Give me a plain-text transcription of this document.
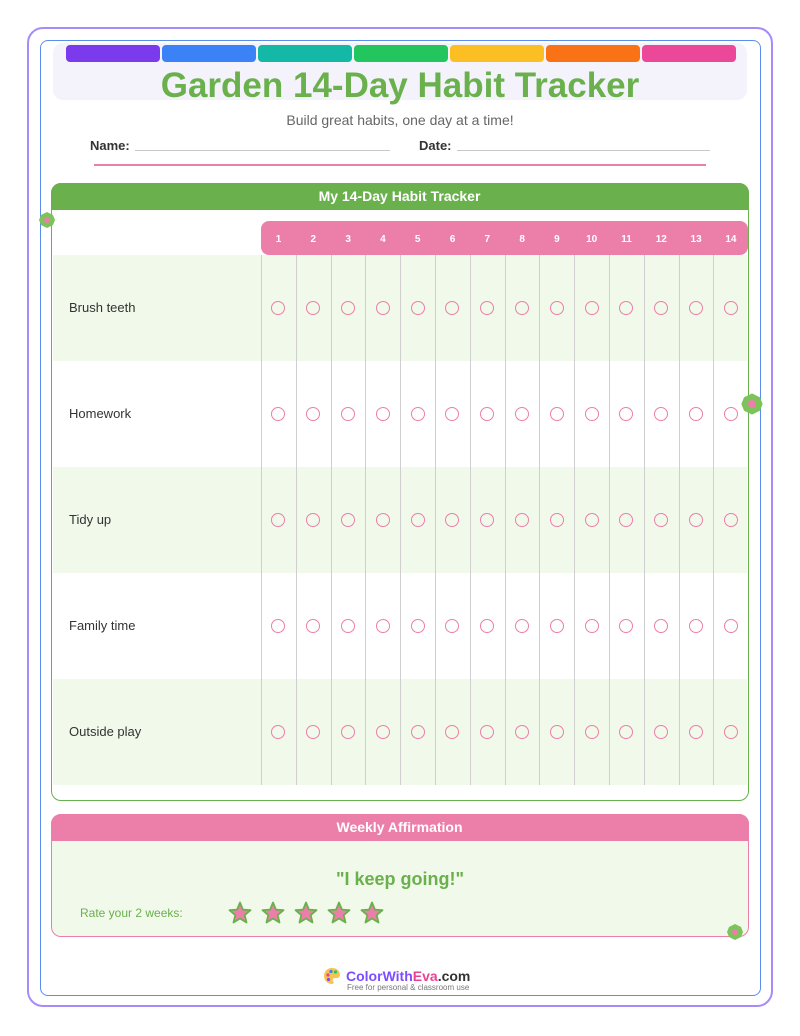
Garden 14-Day Habit Tracker
Build great habits, one day at a time!
Name:	Date:
My 14-Day Habit Tracker
1	2	3	4	5	6	7	8	9	10	11	12	13	14
Brush teeth
Homework
Tidy up
Family time
Outside play
Weekly Affirmation
"I keep going!"
Rate your 2 weeks:
ColorWithEva.com
Free for personal & classroom use
